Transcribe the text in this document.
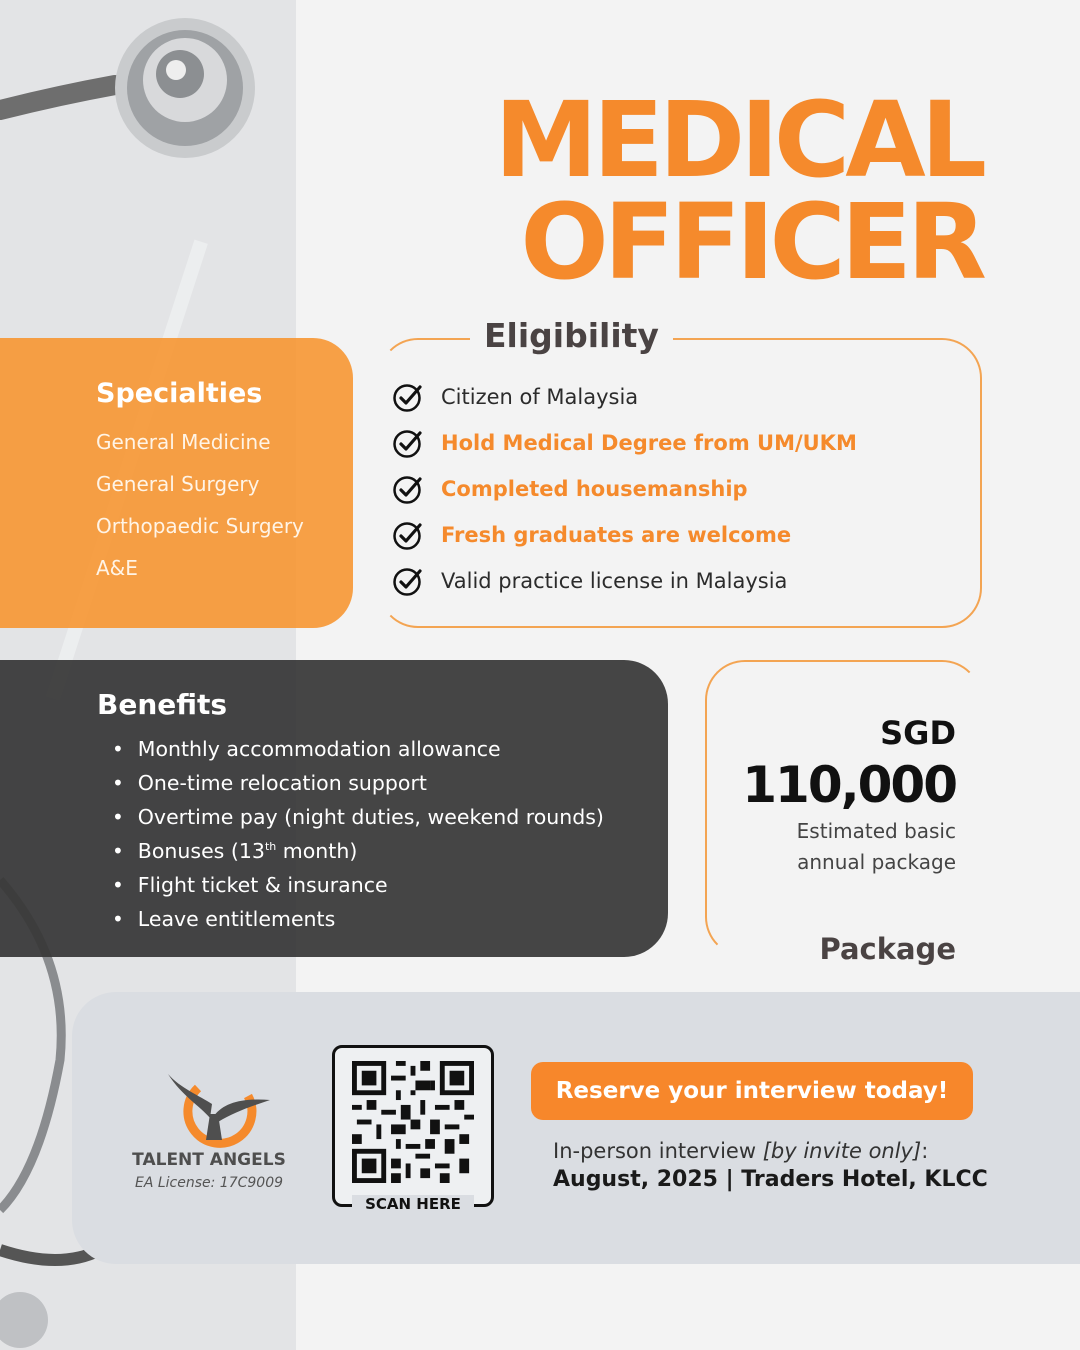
MEDICAL
OFFICER
Eligibility
Citizen of Malaysia
Hold Medical Degree from UM/UKM
Completed housemanship
Fresh graduates are welcome
Valid practice license in Malaysia
Specialties
General Medicine
General Surgery
Orthopaedic Surgery
A&E
Benefits
• Monthly accommodation allowance
• One-time relocation support
• Overtime pay (night duties, weekend rounds)
• Bonuses (13th month)
• Flight ticket & insurance
• Leave entitlements
SGD
110,000
Estimated basic annual package
Package
TALENT ANGELS
EA License: 17C9009
SCAN HERE
Reserve your interview today!
In-person interview [by invite only]:
August, 2025 | Traders Hotel, KLCC
